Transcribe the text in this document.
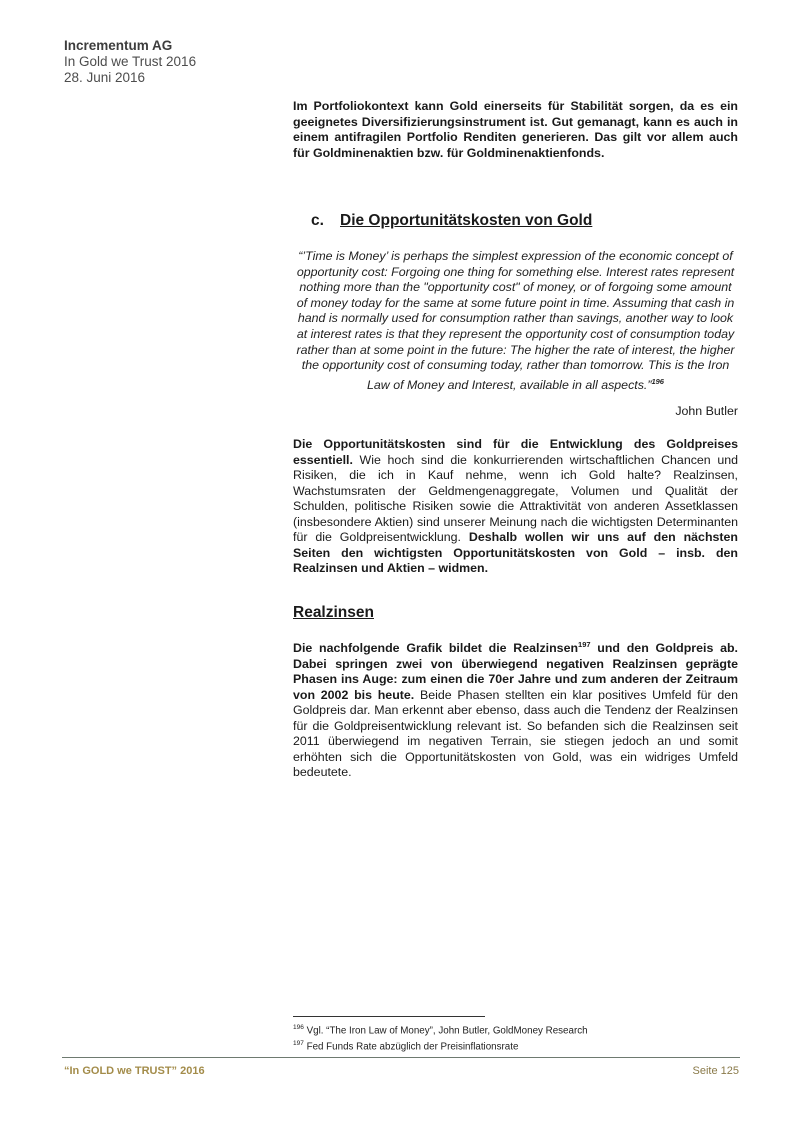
Incrementum AG
In Gold we Trust 2016
28. Juni 2016
Im Portfoliokontext kann Gold einerseits für Stabilität sorgen, da es ein geeignetes Diversifizierungsinstrument ist. Gut gemanagt, kann es auch in einem antifragilen Portfolio Renditen generieren. Das gilt vor allem auch für Goldminenaktien bzw. für Goldminenaktienfonds.
c. Die Opportunitätskosten von Gold
“’Time is Money’ is perhaps the simplest expression of the economic concept of opportunity cost: Forgoing one thing for something else. Interest rates represent nothing more than the "opportunity cost" of money, or of forgoing some amount of money today for the same at some future point in time. Assuming that cash in hand is normally used for consumption rather than savings, another way to look at interest rates is that they represent the opportunity cost of consumption today rather than at some point in the future: The higher the rate of interest, the higher the opportunity cost of consuming today, rather than tomorrow. This is the Iron Law of Money and Interest, available in all aspects.”$^{196}$
John Butler
Die Opportunitätskosten sind für die Entwicklung des Goldpreises essentiell. Wie hoch sind die konkurrierenden wirtschaftlichen Chancen und Risiken, die ich in Kauf nehme, wenn ich Gold halte? Realzinsen, Wachstumsraten der Geldmengenaggregate, Volumen und Qualität der Schulden, politische Risiken sowie die Attraktivität von anderen Assetklassen (insbesondere Aktien) sind unserer Meinung nach die wichtigsten Determinanten für die Goldpreisentwicklung. Deshalb wollen wir uns auf den nächsten Seiten den wichtigsten Opportunitätskosten von Gold – insb. den Realzinsen und Aktien – widmen.
Realzinsen
Die nachfolgende Grafik bildet die Realzinsen$^{197}$ und den Goldpreis ab. Dabei springen zwei von überwiegend negativen Realzinsen geprägte Phasen ins Auge: zum einen die 70er Jahre und zum anderen der Zeitraum von 2002 bis heute. Beide Phasen stellten ein klar positives Umfeld für den Goldpreis dar. Man erkennt aber ebenso, dass auch die Tendenz der Realzinsen für die Goldpreisentwicklung relevant ist. So befanden sich die Realzinsen seit 2011 überwiegend im negativen Terrain, sie stiegen jedoch an und somit erhöhten sich die Opportunitätskosten von Gold, was ein widriges Umfeld bedeutete.
$^{196}$ Vgl. “The Iron Law of Money”, John Butler, GoldMoney Research
$^{197}$ Fed Funds Rate abzüglich der Preisinflationsrate
“In GOLD we TRUST” 2016	Seite 125
